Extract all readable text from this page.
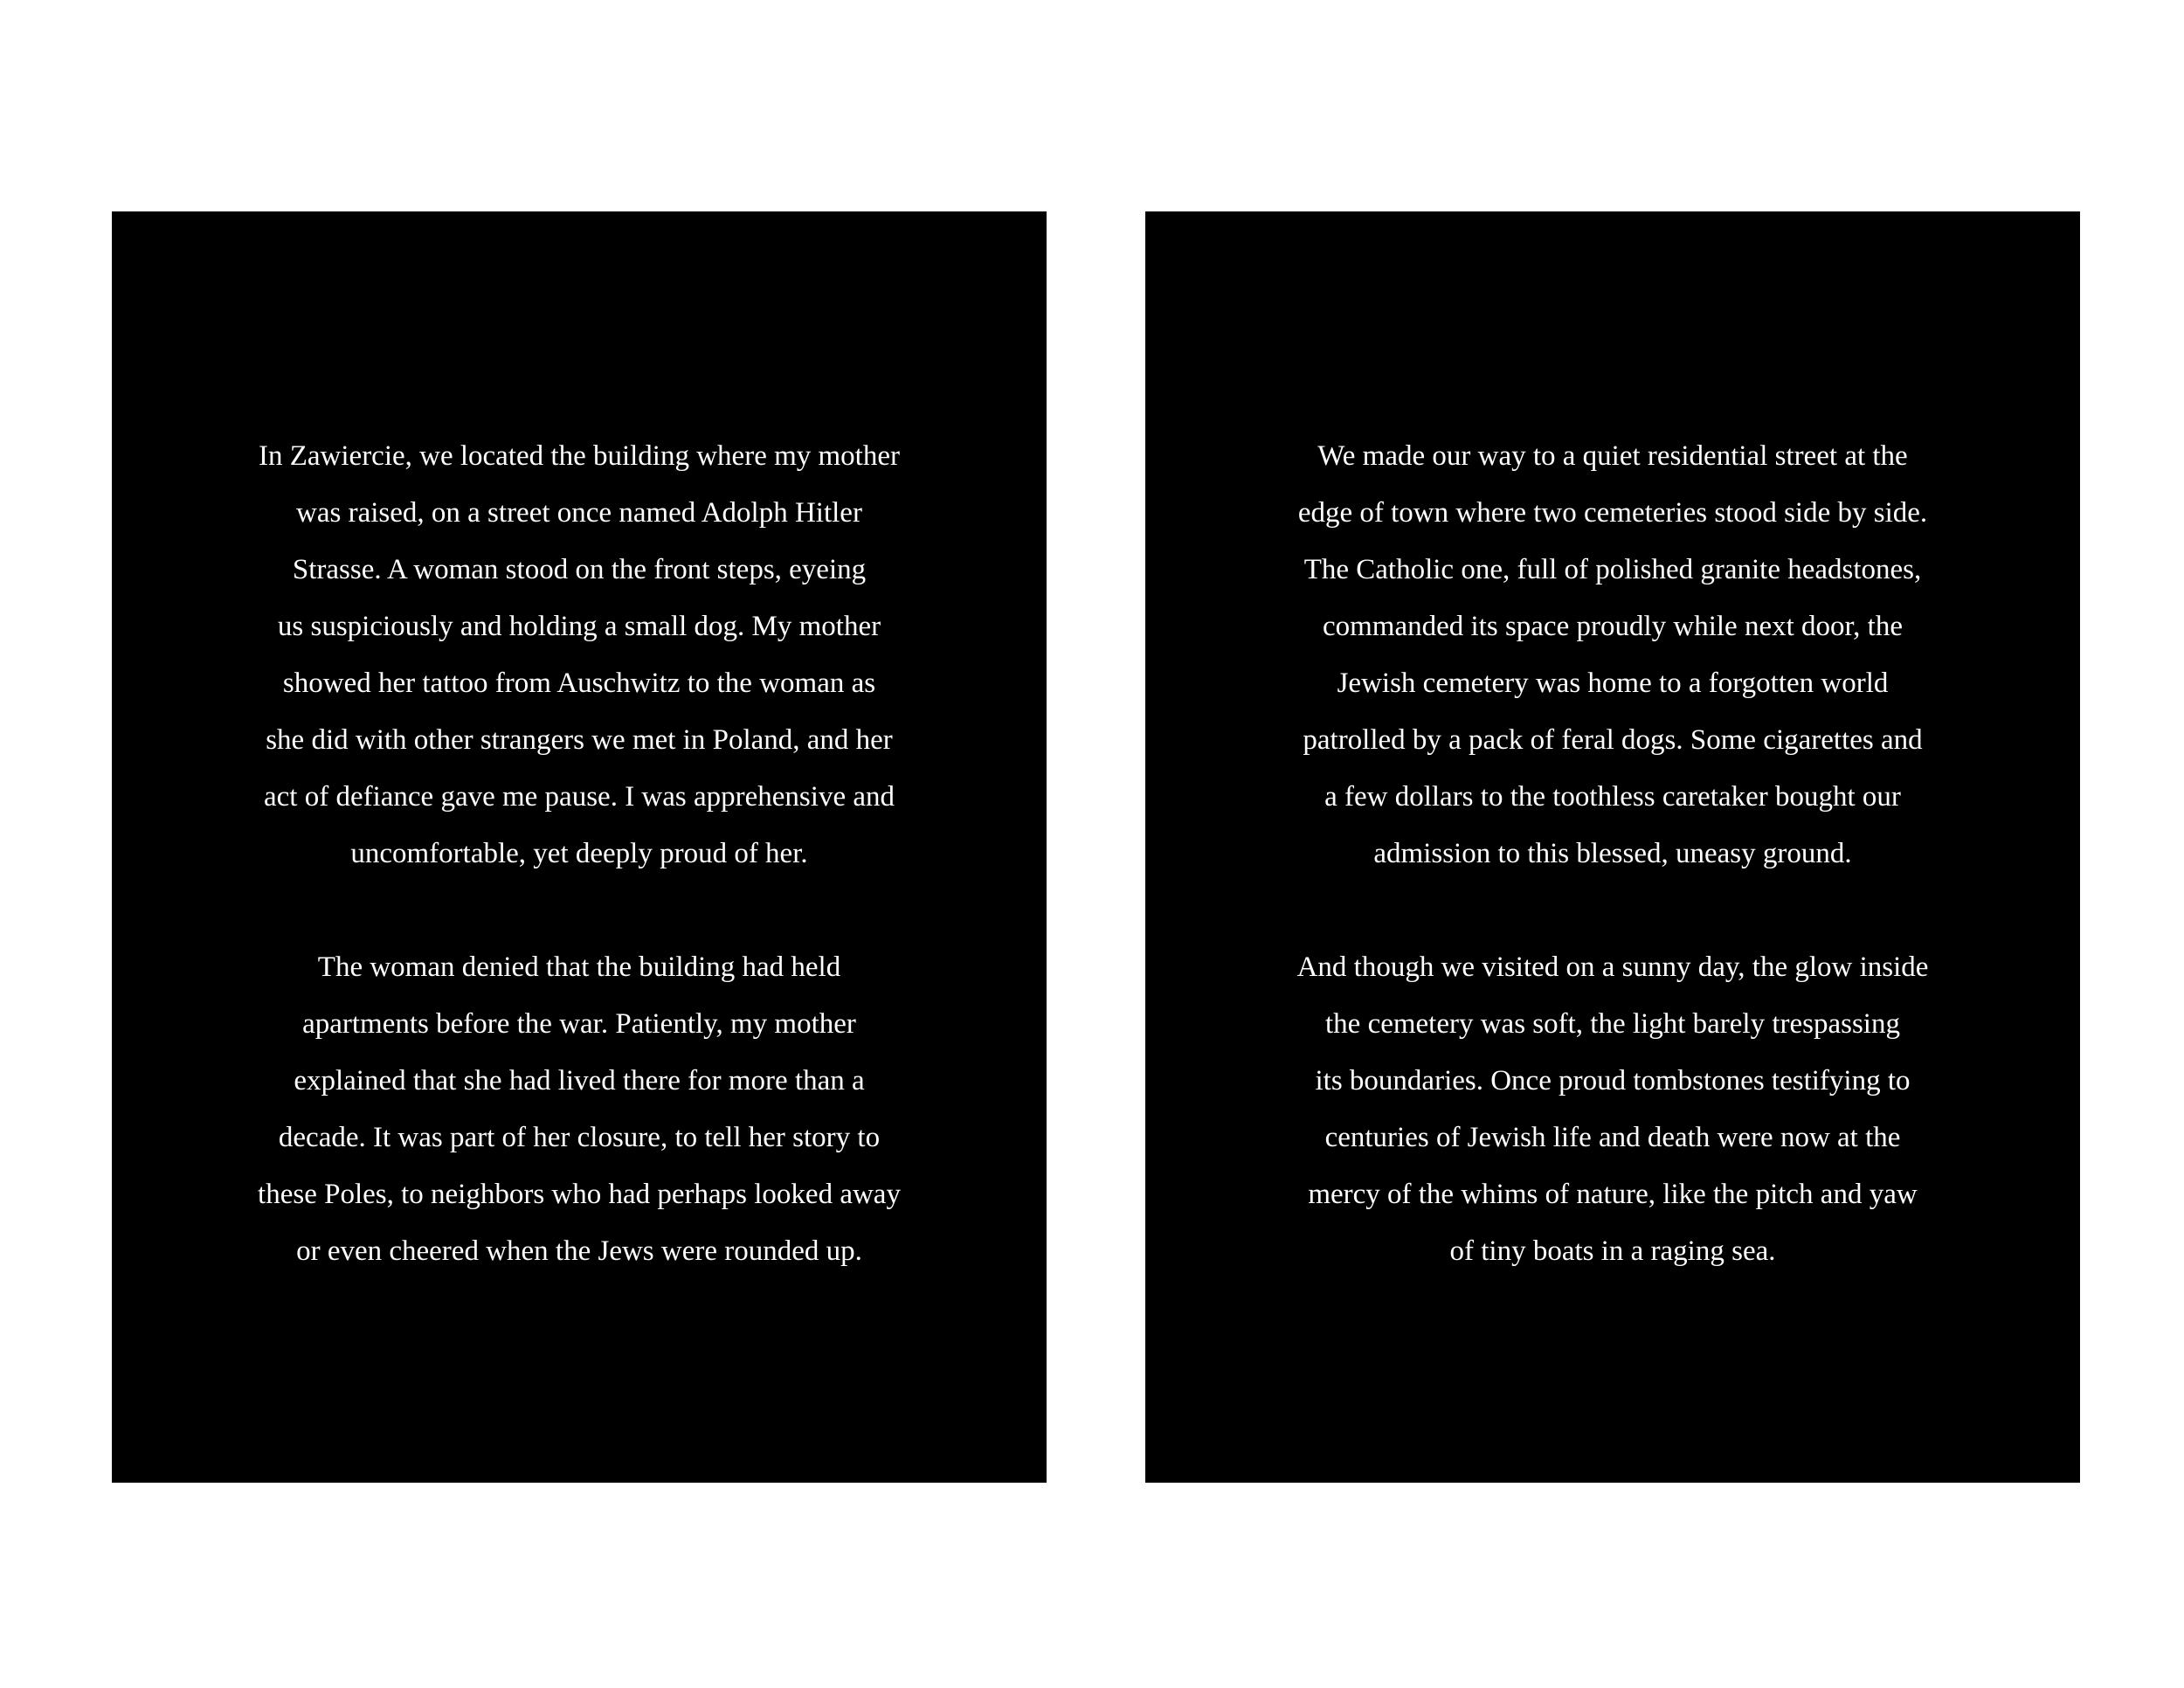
In Zawiercie, we located the building where my mother
was raised, on a street once named Adolph Hitler
Strasse. A woman stood on the front steps, eyeing
us suspiciously and holding a small dog. My mother
showed her tattoo from Auschwitz to the woman as
she did with other strangers we met in Poland, and her
act of defiance gave me pause. I was apprehensive and
uncomfortable, yet deeply proud of her.

The woman denied that the building had held
apartments before the war. Patiently, my mother
explained that she had lived there for more than a
decade. It was part of her closure, to tell her story to
these Poles, to neighbors who had perhaps looked away
or even cheered when the Jews were rounded up.

We made our way to a quiet residential street at the
edge of town where two cemeteries stood side by side.
The Catholic one, full of polished granite headstones,
commanded its space proudly while next door, the
Jewish cemetery was home to a forgotten world
patrolled by a pack of feral dogs. Some cigarettes and
a few dollars to the toothless caretaker bought our
admission to this blessed, uneasy ground.

And though we visited on a sunny day, the glow inside
the cemetery was soft, the light barely trespassing
its boundaries. Once proud tombstones testifying to
centuries of Jewish life and death were now at the
mercy of the whims of nature, like the pitch and yaw
of tiny boats in a raging sea.
